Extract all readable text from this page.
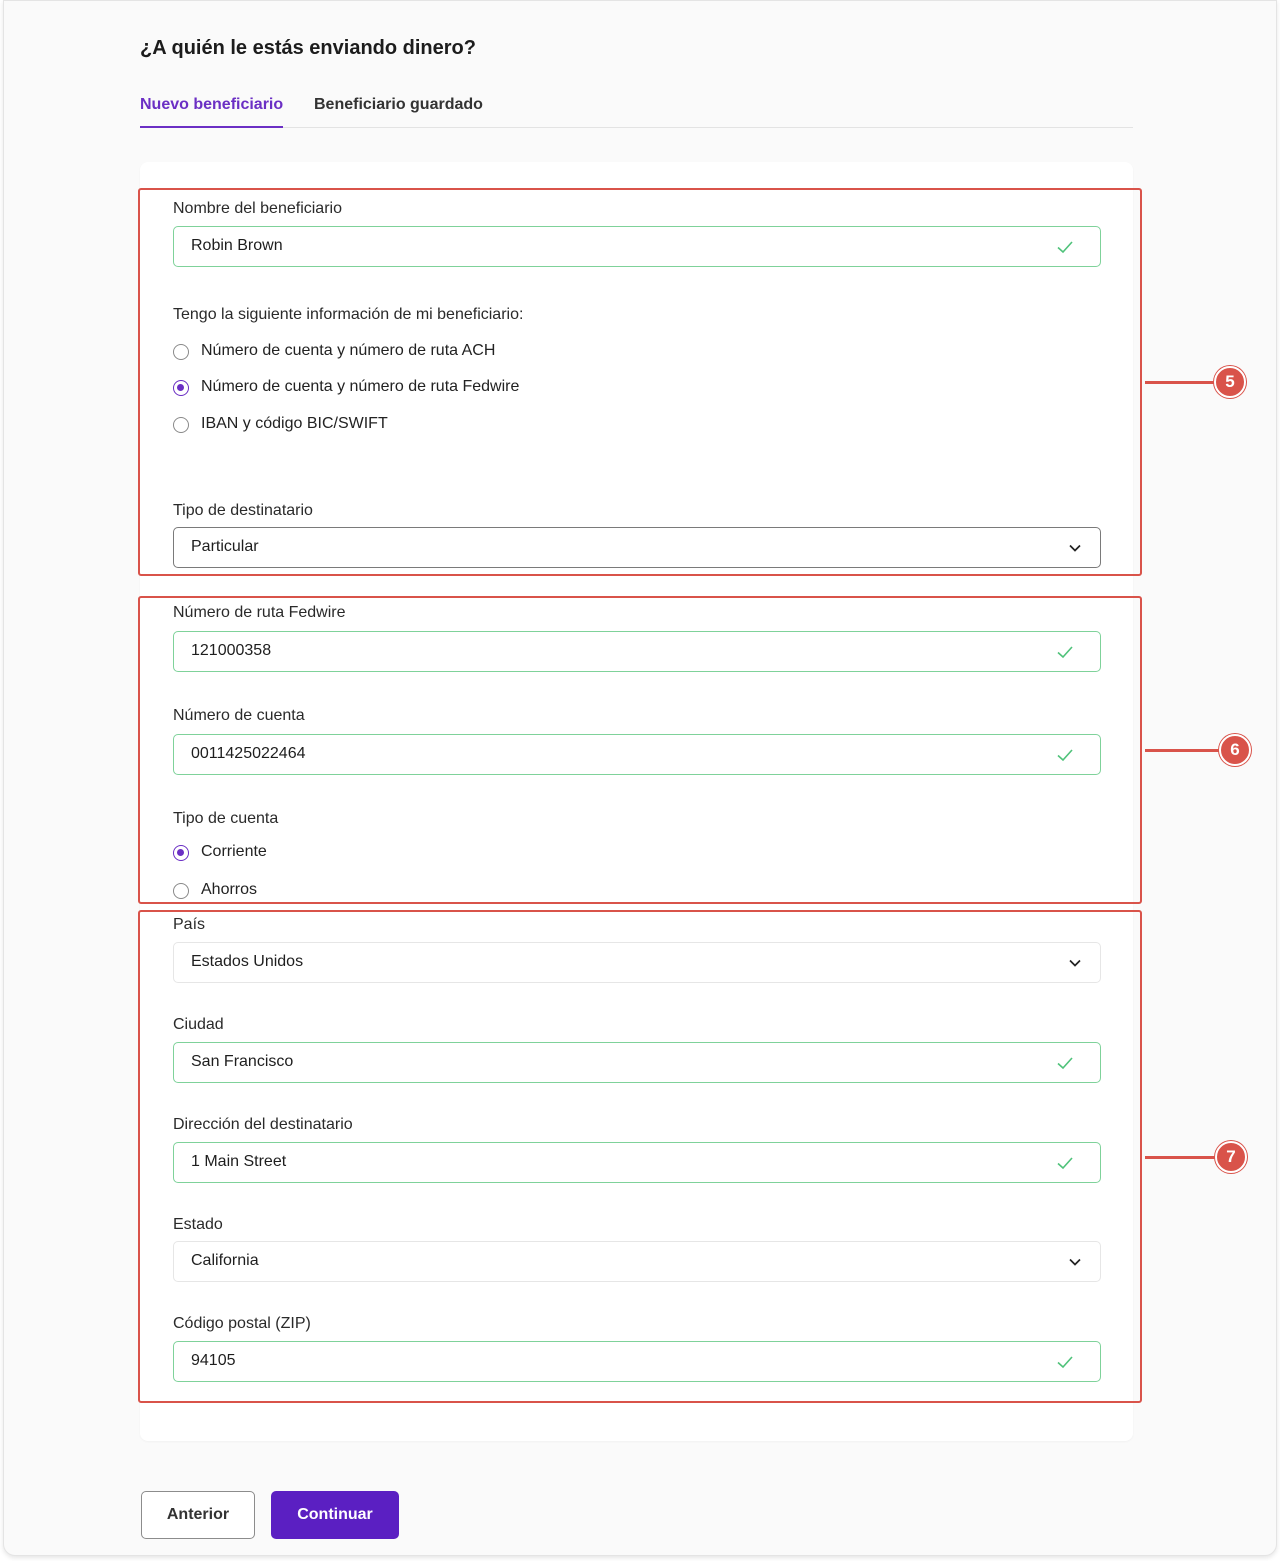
¿A quién le estás enviando dinero?
Nuevo beneficiario Beneficiario guardado
Nombre del beneficiario
Robin Brown
Tengo la siguiente información de mi beneficiario:
Número de cuenta y número de ruta ACH
Número de cuenta y número de ruta Fedwire
IBAN y código BIC/SWIFT
Tipo de destinatario
Particular
Número de ruta Fedwire
121000358
Número de cuenta
0011425022464
Tipo de cuenta
Corriente
Ahorros
País
Estados Unidos
Ciudad
San Francisco
Dirección del destinatario
1 Main Street
Estado
California
Código postal (ZIP)
94105
5
6
7
Anterior	Continuar
